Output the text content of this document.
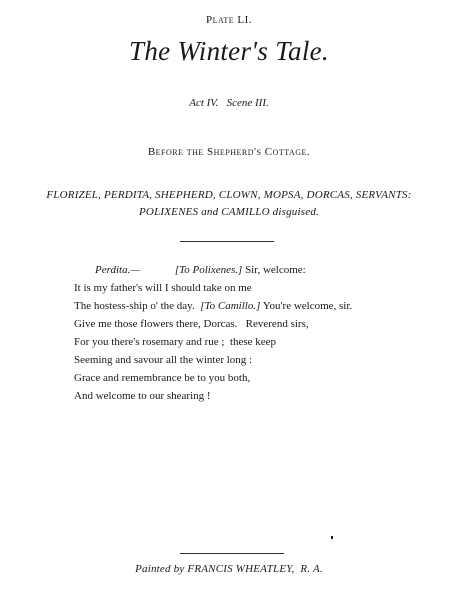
Plate LI.
The Winter's Tale.
Act IV.   Scene III.
Before the Shepherd's Cottage.
FLORIZEL, PERDITA, SHEPHERD, CLOWN, MOPSA, DORCAS, SERVANTS:
POLIXENES and CAMILLO disguised.
Perdita.—	[To Polixenes.] Sir, welcome:
It is my father's will I should take on me
The hostess-ship o' the day. [To Camillo.] You're welcome, sir.
Give me those flowers there, Dorcas.   Reverend sirs,
For you there's rosemary and rue ;  these keep
Seeming and savour all the winter long :
Grace and remembrance be to you both,
And welcome to our shearing !
Painted by FRANCIS WHEATLEY,  R. A.
